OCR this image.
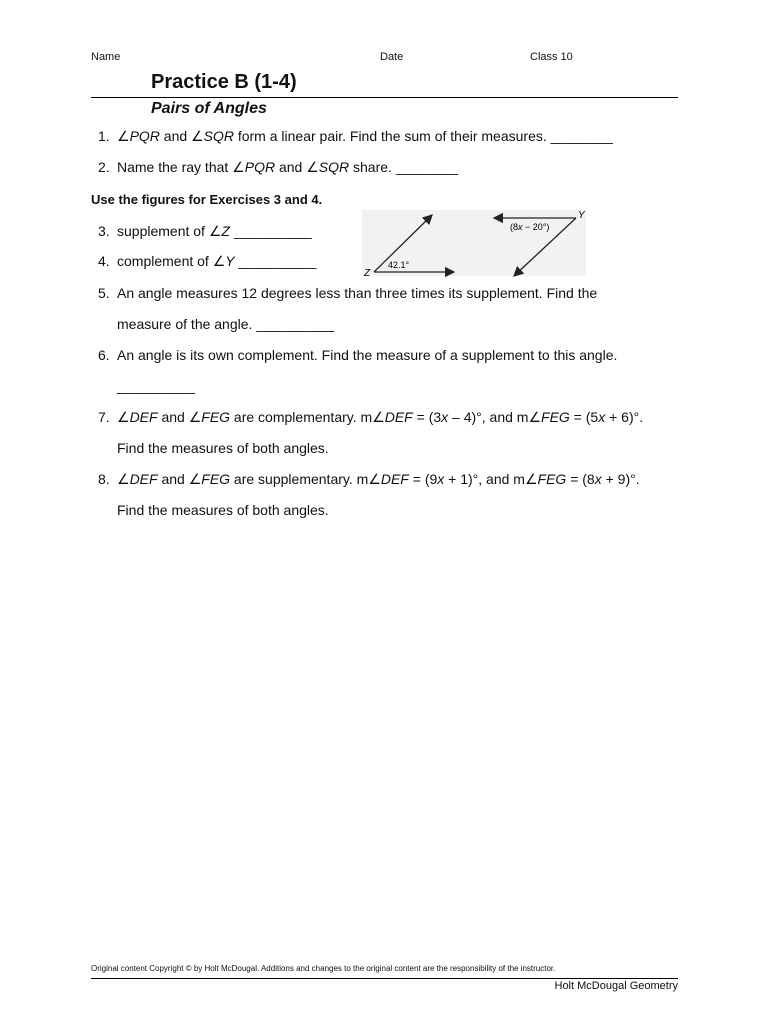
Name	Date	Class 10
Practice B (1-4)
Pairs of Angles
1. ∠PQR and ∠SQR form a linear pair. Find the sum of their measures. ________
2. Name the ray that ∠PQR and ∠SQR share. ________
Use the figures for Exercises 3 and 4.
3. supplement of ∠Z __________
4. complement of ∠Y __________
Z
42.1°
Y
(8x − 20°)
5. An angle measures 12 degrees less than three times its supplement. Find the
measure of the angle. __________
6. An angle is its own complement. Find the measure of a supplement to this angle.
__________
7. ∠DEF and ∠FEG are complementary. m∠DEF = (3x – 4)°, and m∠FEG = (5x + 6)°.
Find the measures of both angles.
8. ∠DEF and ∠FEG are supplementary. m∠DEF = (9x + 1)°, and m∠FEG = (8x + 9)°.
Find the measures of both angles.
Original content Copyright © by Holt McDougal. Additions and changes to the original content are the responsibility of the instructor.
Holt McDougal Geometry
